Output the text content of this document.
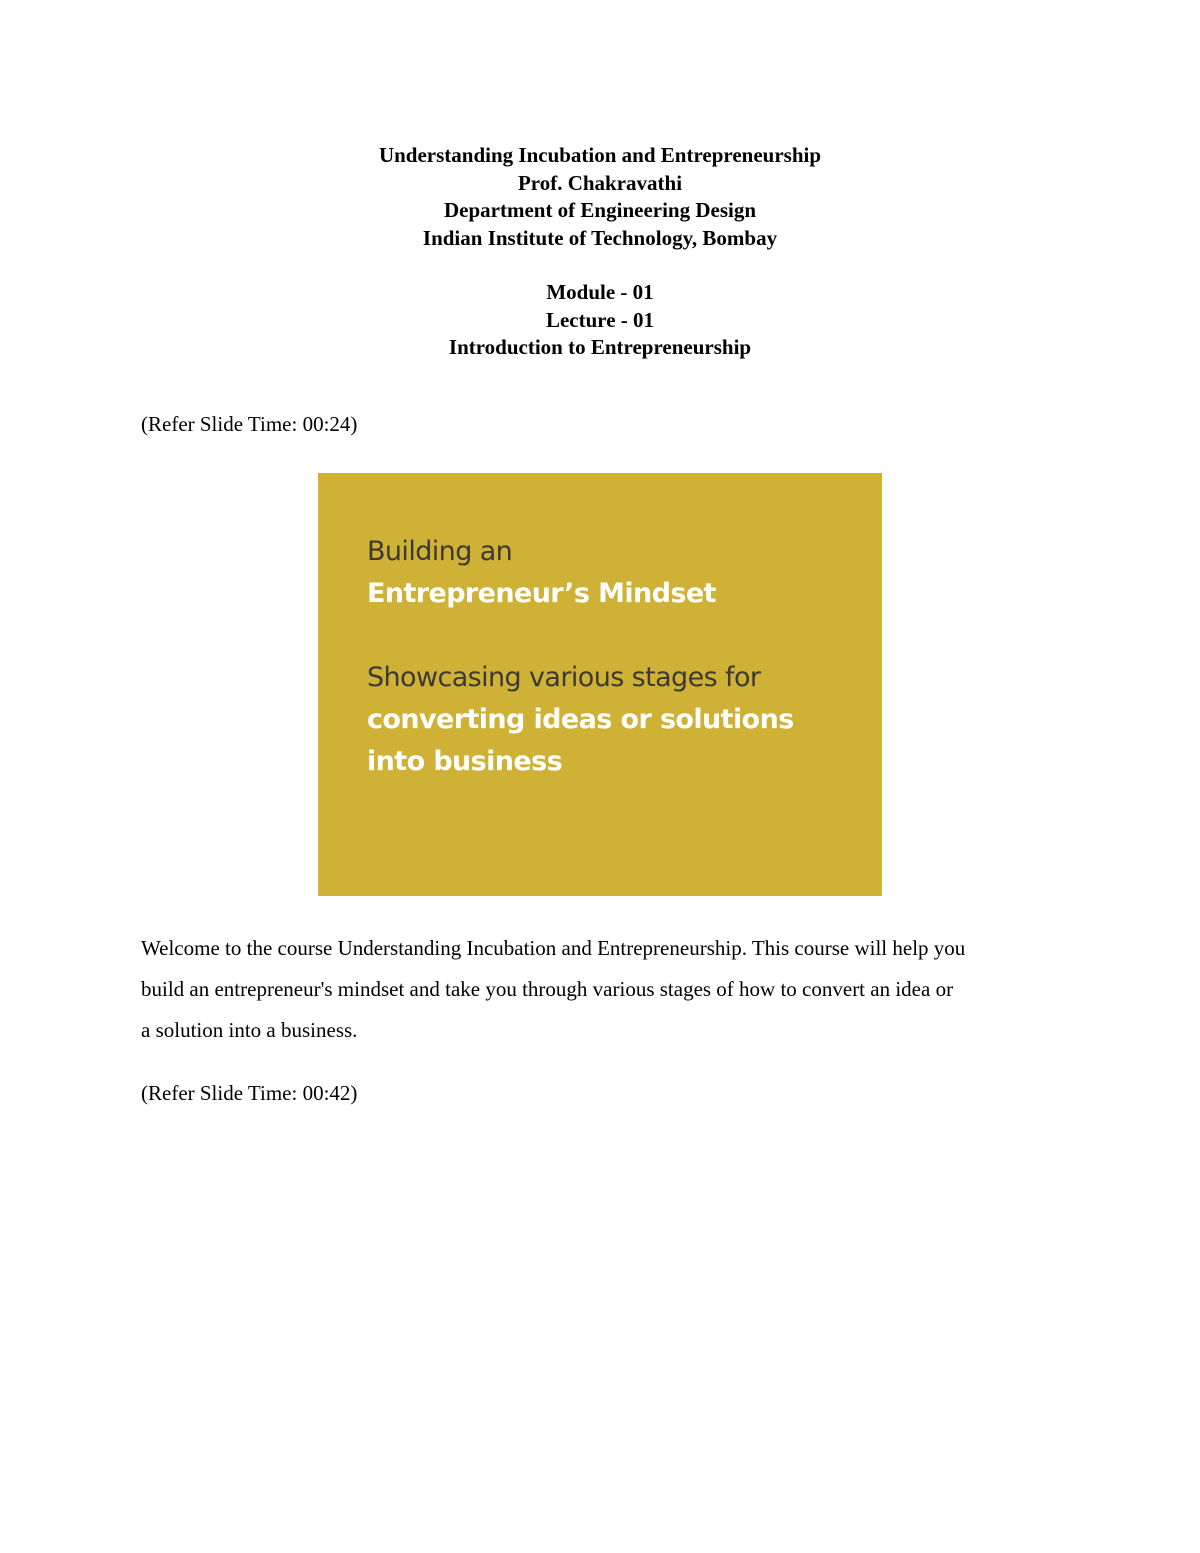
Understanding Incubation and Entrepreneurship
Prof. Chakravathi
Department of Engineering Design
Indian Institute of Technology, Bombay
Module - 01
Lecture - 01
Introduction to Entrepreneurship
(Refer Slide Time: 00:24)
Building an
Entrepreneur’s Mindset
Showcasing various stages for
converting ideas or solutions
into business
Welcome to the course Understanding Incubation and Entrepreneurship. This course will help you
build an entrepreneur's mindset and take you through various stages of how to convert an idea or
a solution into a business.
(Refer Slide Time: 00:42)
